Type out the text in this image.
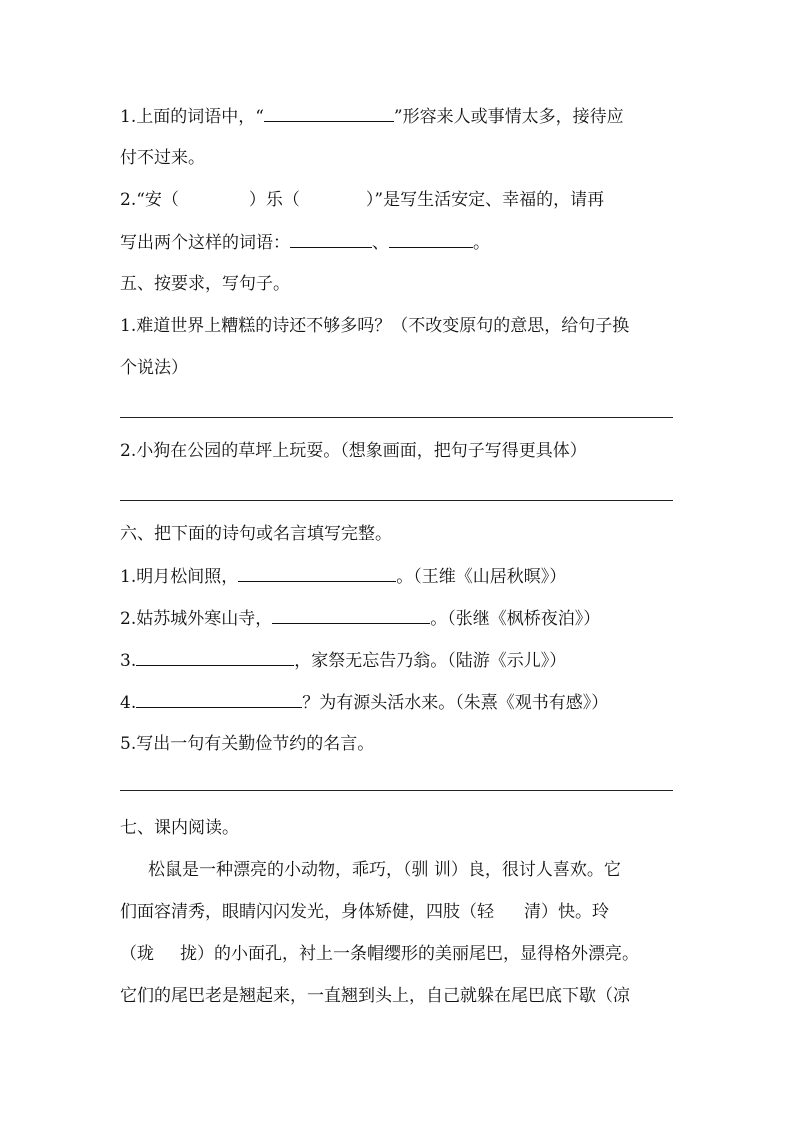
1.上面的词语中，“	”形容来人或事情太多，接待应
付不过来。
2.“安（	）乐（	）”是写生活安定、幸福的，请再
写出两个这样的词语：	、	。
五、按要求，写句子。
1.难道世界上糟糕的诗还不够多吗？（不改变原句的意思，给句子换
个说法）
2.小狗在公园的草坪上玩耍。（想象画面，把句子写得更具体）
六、把下面的诗句或名言填写完整。
1.明月松间照，	。（王维《山居秋暝》）
2.姑苏城外寒山寺，	。（张继《枫桥夜泊》）
3.	，家祭无忘告乃翁。（陆游《示儿》）
4.	？为有源头活水来。（朱熹《观书有感》）
5.写出一句有关勤俭节约的名言。
七、课内阅读。
松鼠是一种漂亮的小动物，乖巧，（驯 训）良，很讨人喜欢。它
们面容清秀，眼睛闪闪发光，身体矫健，四肢（轻 清）快。玲
（珑 拢）的小面孔，衬上一条帽缨形的美丽尾巴，显得格外漂亮。
它们的尾巴老是翘起来，一直翘到头上，自己就躲在尾巴底下歇（凉
